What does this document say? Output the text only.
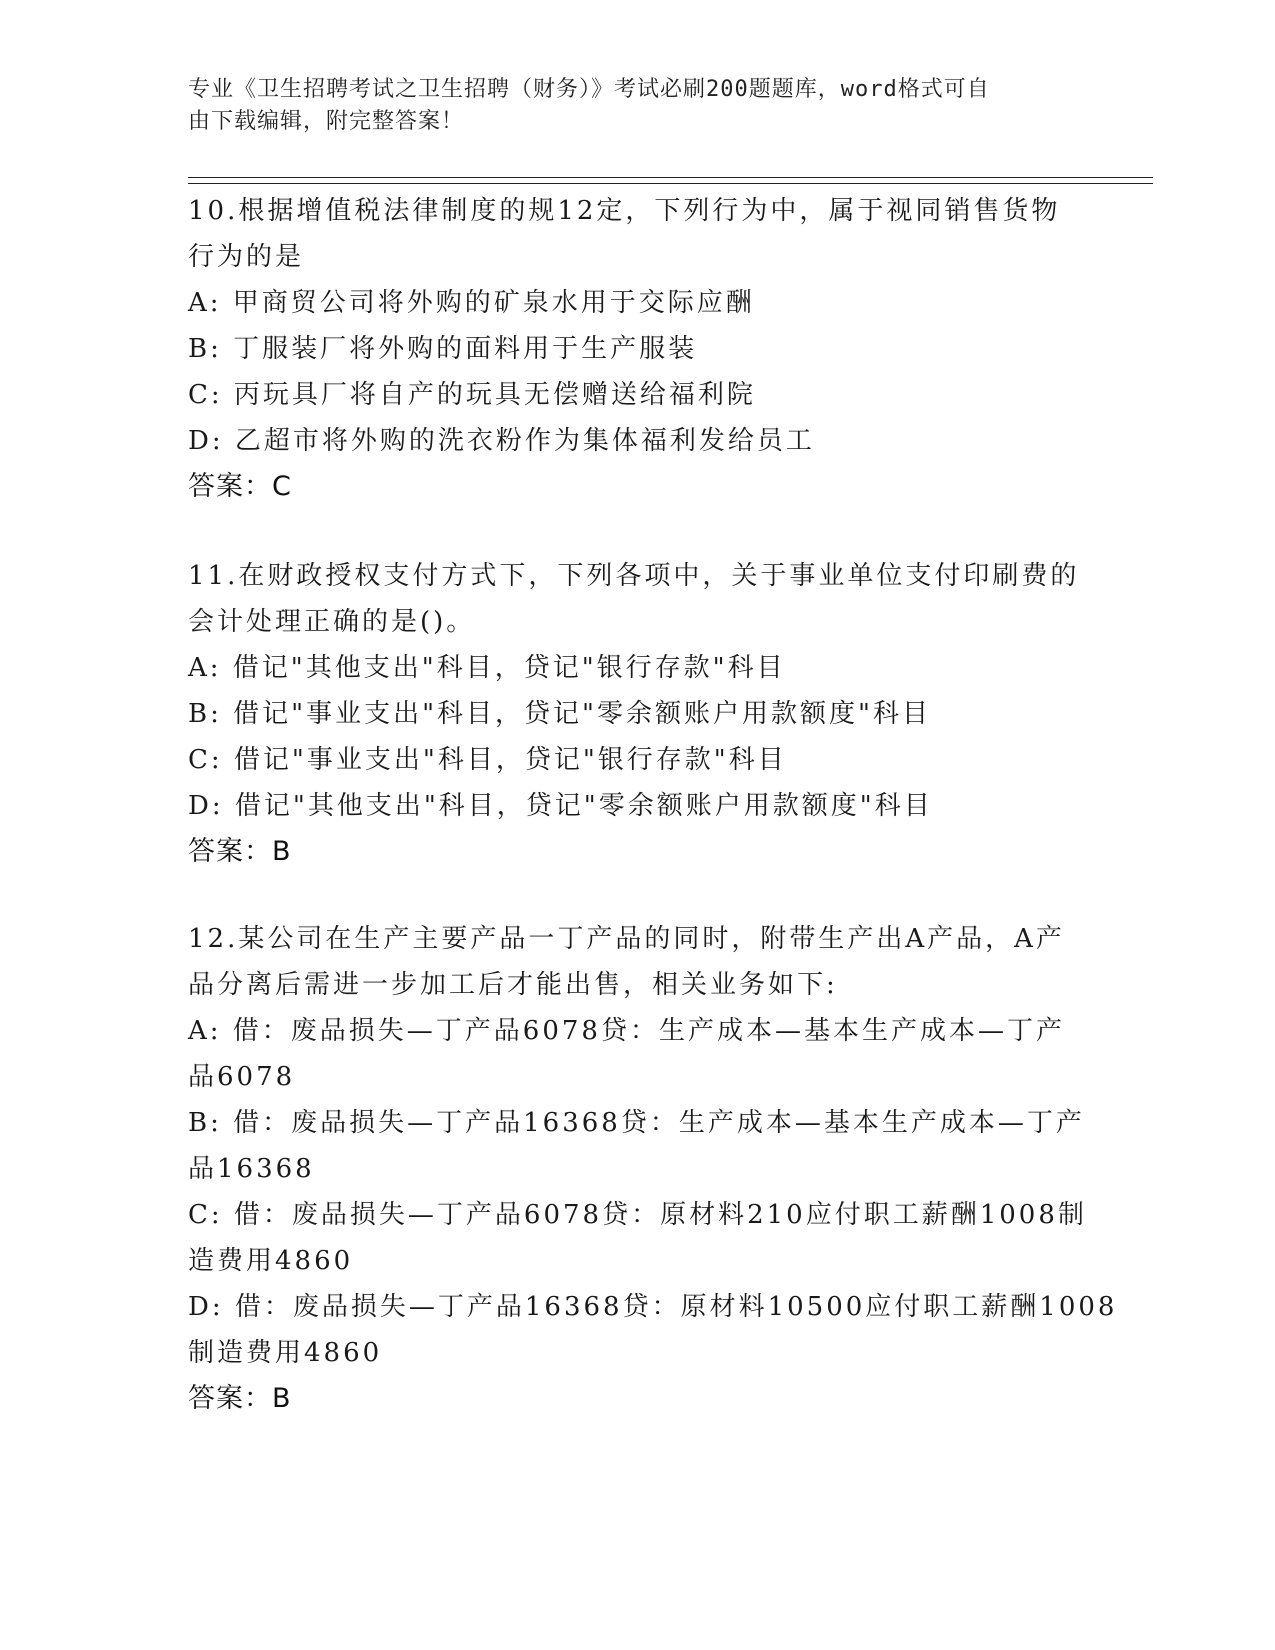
专业《卫生招聘考试之卫生招聘（财务）》考试必刷200题题库，word格式可自
由下载编辑，附完整答案！
10.根据增值税法律制度的规12定，下列行为中，属于视同销售货物
行为的是
A: 甲商贸公司将外购的矿泉水用于交际应酬
B: 丁服装厂将外购的面料用于生产服装
C: 丙玩具厂将自产的玩具无偿赠送给福利院
D: 乙超市将外购的洗衣粉作为集体福利发给员工
答案：C
11.在财政授权支付方式下，下列各项中，关于事业单位支付印刷费的
会计处理正确的是()。
A: 借记"其他支出"科目，贷记"银行存款"科目
B: 借记"事业支出"科目，贷记"零余额账户用款额度"科目
C: 借记"事业支出"科目，贷记"银行存款"科目
D: 借记"其他支出"科目，贷记"零余额账户用款额度"科目
答案：B
12.某公司在生产主要产品一丁产品的同时，附带生产出A产品，A产
品分离后需进一步加工后才能出售，相关业务如下:
A: 借：废品损失—丁产品6078贷：生产成本—基本生产成本—丁产
品6078
B: 借：废品损失—丁产品16368贷：生产成本—基本生产成本—丁产
品16368
C: 借：废品损失—丁产品6078贷：原材料210应付职工薪酬1008制
造费用4860
D: 借：废品损失—丁产品16368贷：原材料10500应付职工薪酬1008
制造费用4860
答案：B
